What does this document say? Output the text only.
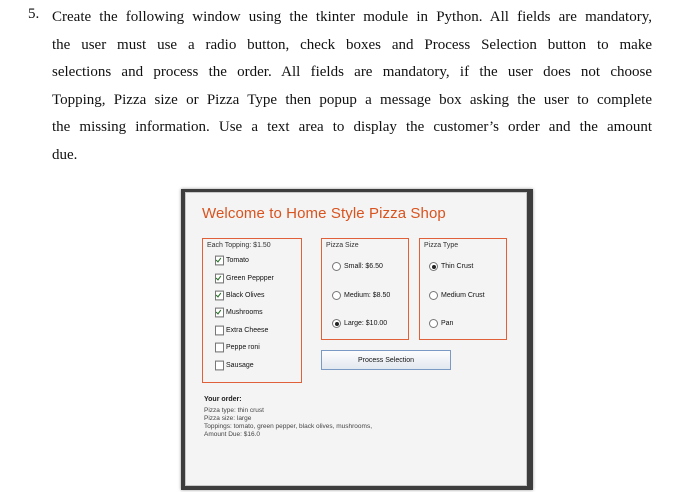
5. Create the following window using the tkinter module in Python. All fields are mandatory,
the user must use a radio button, check boxes and Process Selection button to make
selections and process the order. All fields are mandatory, if the user does not choose
Topping, Pizza size or Pizza Type then popup a message box asking the user to complete
the missing information. Use a text area to display the customer’s order and the amount
due.
Welcome to Home Style Pizza Shop
Each Topping: $1.50
Tomato
Green Peppper
Black Olives
Mushrooms
Extra Cheese
Peppe roni
Sausage
Pizza Size
Small: $6.50
Medium: $8.50
Large: $10.00
Pizza Type
Thin Crust
Medium Crust
Pan
Process Selection
Your order:
Pizza type: thin crust
Pizza size: large
Toppings: tomato, green pepper, black olives, mushrooms,
Amount Due: $16.0
